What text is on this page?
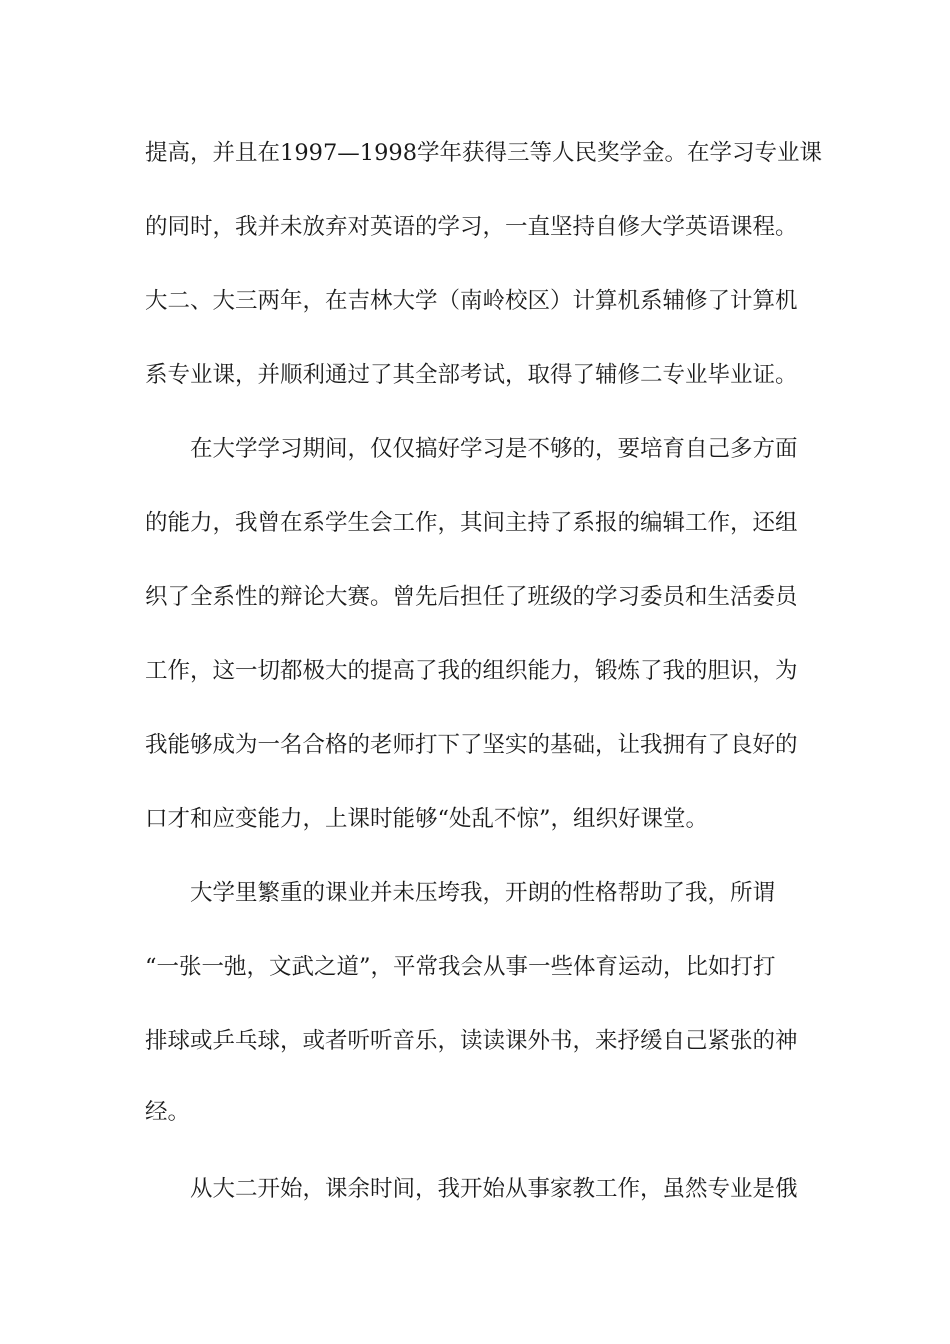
提高，并且在1997—1998学年获得三等人民奖学金。在学习专业课
的同时，我并未放弃对英语的学习，一直坚持自修大学英语课程。
大二、大三两年，在吉林大学（南岭校区）计算机系辅修了计算机
系专业课，并顺利通过了其全部考试，取得了辅修二专业毕业证。
在大学学习期间，仅仅搞好学习是不够的，要培育自己多方面
的能力，我曾在系学生会工作，其间主持了系报的编辑工作，还组
织了全系性的辩论大赛。曾先后担任了班级的学习委员和生活委员
工作，这一切都极大的提高了我的组织能力，锻炼了我的胆识，为
我能够成为一名合格的老师打下了坚实的基础，让我拥有了良好的
口才和应变能力，上课时能够“处乱不惊”，组织好课堂。
大学里繁重的课业并未压垮我，开朗的性格帮助了我，所谓
“一张一弛，文武之道”，平常我会从事一些体育运动，比如打打
排球或乒乓球，或者听听音乐，读读课外书，来抒缓自己紧张的神
经。
从大二开始，课余时间，我开始从事家教工作，虽然专业是俄
